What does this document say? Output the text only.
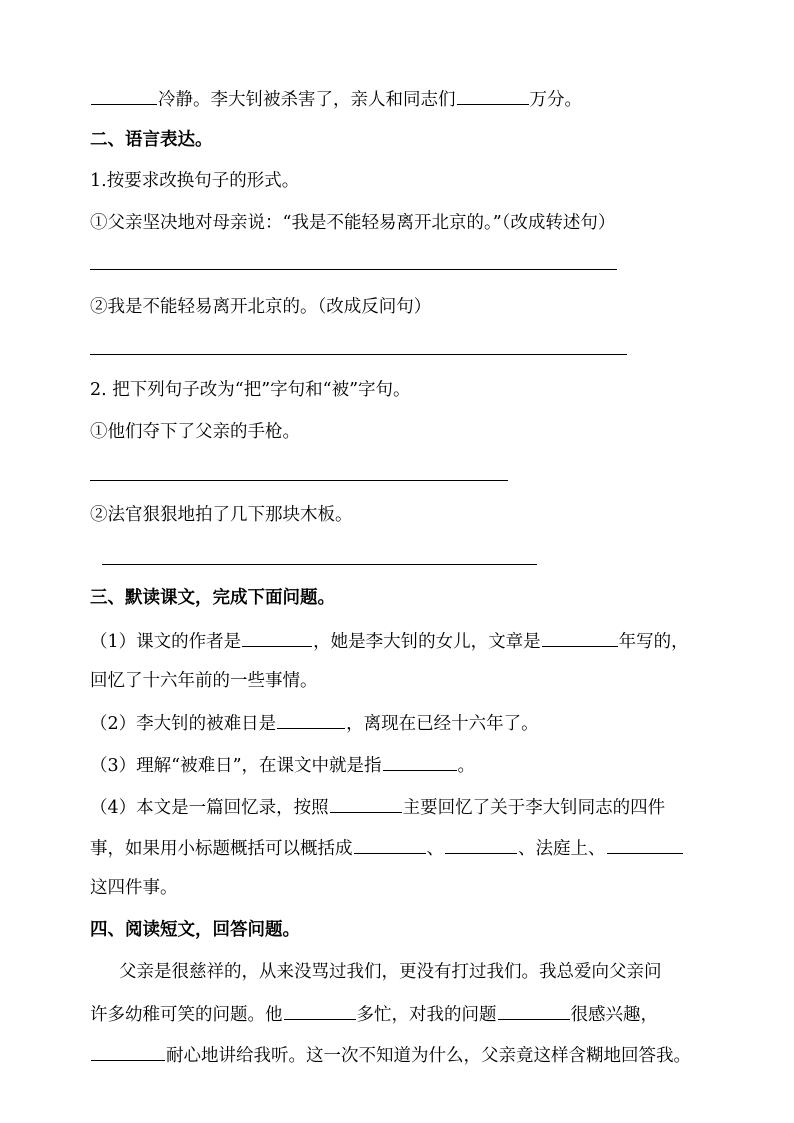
冷静。李大钊被杀害了，亲人和同志们	万分。
二、语言表达。
1.按要求改换句子的形式。
①父亲坚决地对母亲说：“我是不能轻易离开北京的。”（改成转述句）
②我是不能轻易离开北京的。（改成反问句）
2. 把下列句子改为“把”字句和“被”字句。
①他们夺下了父亲的手枪。
②法官狠狠地拍了几下那块木板。
三、默读课文，完成下面问题。
（1）课文的作者是	，她是李大钊的女儿，文章是	年写的，
回忆了十六年前的一些事情。
（2）李大钊的被难日是	，离现在已经十六年了。
（3）理解“被难日”，在课文中就是指	。
（4）本文是一篇回忆录，按照	主要回忆了关于李大钊同志的四件
事，如果用小标题概括可以概括成	、	、法庭上、
这四件事。
四、阅读短文，回答问题。
父亲是很慈祥的，从来没骂过我们，更没有打过我们。我总爱向父亲问
许多幼稚可笑的问题。他	多忙，对我的问题	很感兴趣，
耐心地讲给我听。这一次不知道为什么，父亲竟这样含糊地回答我。
